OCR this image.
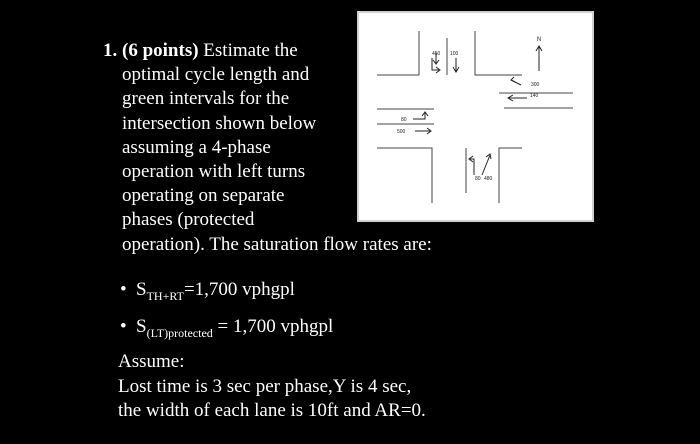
1. (6 points) Estimate the
optimal cycle length and
green intervals for the
intersection shown below
assuming a 4-phase
operation with left turns
operating on separate
phases (protected
operation). The saturation flow rates are:
N
450 100
300
140
80
500
80 480
• $S_{TH+RT}=1,700$ vphgpl
• $S_{(LT)protected} = 1,700$ vphgpl
Assume:
Lost time is 3 sec per phase,Y is 4 sec,
the width of each lane is 10ft and AR=0.
